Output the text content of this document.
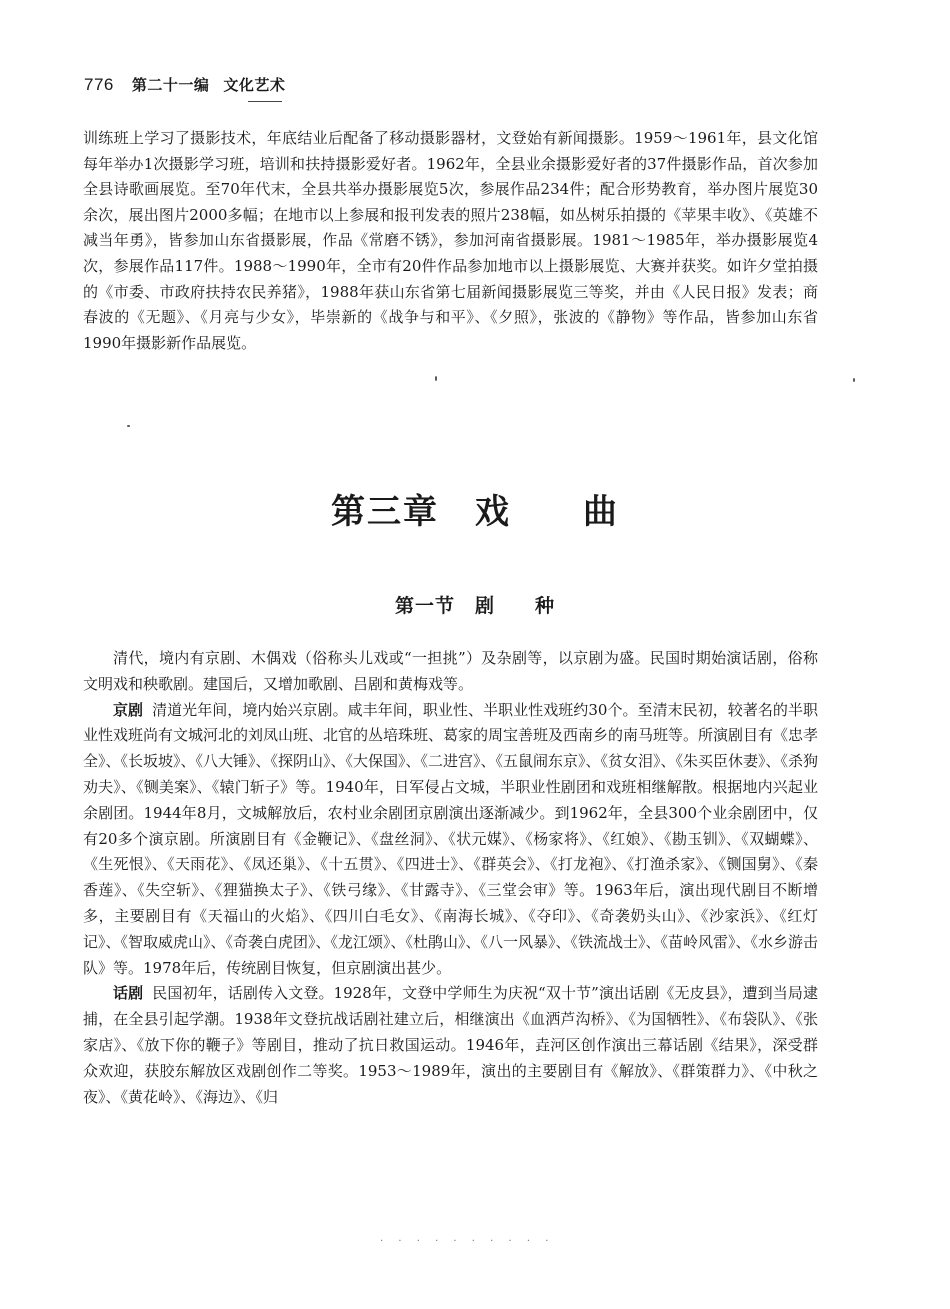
776 第二十一编 文化艺术

训练班上学习了摄影技术，年底结业后配备了移动摄影器材，文登始有新闻摄影。1959～1961年，县文化馆每年举办1次摄影学习班，培训和扶持摄影爱好者。1962年，全县业余摄影爱好者的37件摄影作品，首次参加全县诗歌画展览。至70年代末，全县共举办摄影展览5次，参展作品234件；配合形势教育，举办图片展览30余次，展出图片2000多幅；在地市以上参展和报刊发表的照片238幅，如丛树乐拍摄的《苹果丰收》、《英雄不减当年勇》，皆参加山东省摄影展，作品《常磨不锈》，参加河南省摄影展。1981～1985年，举办摄影展览4次，参展作品117件。1988～1990年，全市有20件作品参加地市以上摄影展览、大赛并获奖。如许夕堂拍摄的《市委、市政府扶持农民养猪》，1988年获山东省第七届新闻摄影展览三等奖，并由《人民日报》发表；商春波的《无题》、《月亮与少女》，毕崇新的《战争与和平》、《夕照》，张波的《静物》等作品，皆参加山东省1990年摄影新作品展览。

第三章　戏　　曲
第一节　剧　　种

清代，境内有京剧、木偶戏（俗称头儿戏或“一担挑”）及杂剧等，以京剧为盛。民国时期始演话剧，俗称文明戏和秧歌剧。建国后，又增加歌剧、吕剧和黄梅戏等。

京剧 清道光年间，境内始兴京剧。咸丰年间，职业性、半职业性戏班约30个。至清末民初，较著名的半职业性戏班尚有文城河北的刘凤山班、北官的丛培珠班、葛家的周宝善班及西南乡的南马班等。所演剧目有《忠孝全》、《长坂坡》、《八大锤》、《探阴山》、《大保国》、《二进宫》、《五鼠闹东京》、《贫女泪》、《朱买臣休妻》、《杀狗劝夫》、《铡美案》、《辕门斩子》等。1940年，日军侵占文城，半职业性剧团和戏班相继解散。根据地内兴起业余剧团。1944年8月，文城解放后，农村业余剧团京剧演出逐渐减少。到1962年，全县300个业余剧团中，仅有20多个演京剧。所演剧目有《金鞭记》、《盘丝洞》、《状元媒》、《杨家将》、《红娘》、《勘玉钏》、《双蝴蝶》、《生死恨》、《天雨花》、《凤还巢》、《十五贯》、《四进士》、《群英会》、《打龙袍》、《打渔杀家》、《铡国舅》、《秦香莲》、《失空斩》、《狸猫换太子》、《铁弓缘》、《甘露寺》、《三堂会审》等。1963年后，演出现代剧目不断增多，主要剧目有《天福山的火焰》、《四川白毛女》、《南海长城》、《夺印》、《奇袭奶头山》、《沙家浜》、《红灯记》、《智取威虎山》、《奇袭白虎团》、《龙江颂》、《杜鹃山》、《八一风暴》、《铁流战士》、《苗岭风雷》、《水乡游击队》等。1978年后，传统剧目恢复，但京剧演出甚少。

话剧 民国初年，话剧传入文登。1928年，文登中学师生为庆祝“双十节”演出话剧《无皮县》，遭到当局逮捕，在全县引起学潮。1938年文登抗战话剧社建立后，相继演出《血洒芦沟桥》、《为国牺牲》、《布袋队》、《张家店》、《放下你的鞭子》等剧目，推动了抗日救国运动。1946年，垚河区创作演出三幕话剧《结果》，深受群众欢迎，获胶东解放区戏剧创作二等奖。1953～1989年，演出的主要剧目有《解放》、《群策群力》、《中秋之夜》、《黄花岭》、《海边》、《归

· · · · · · · · · ·
